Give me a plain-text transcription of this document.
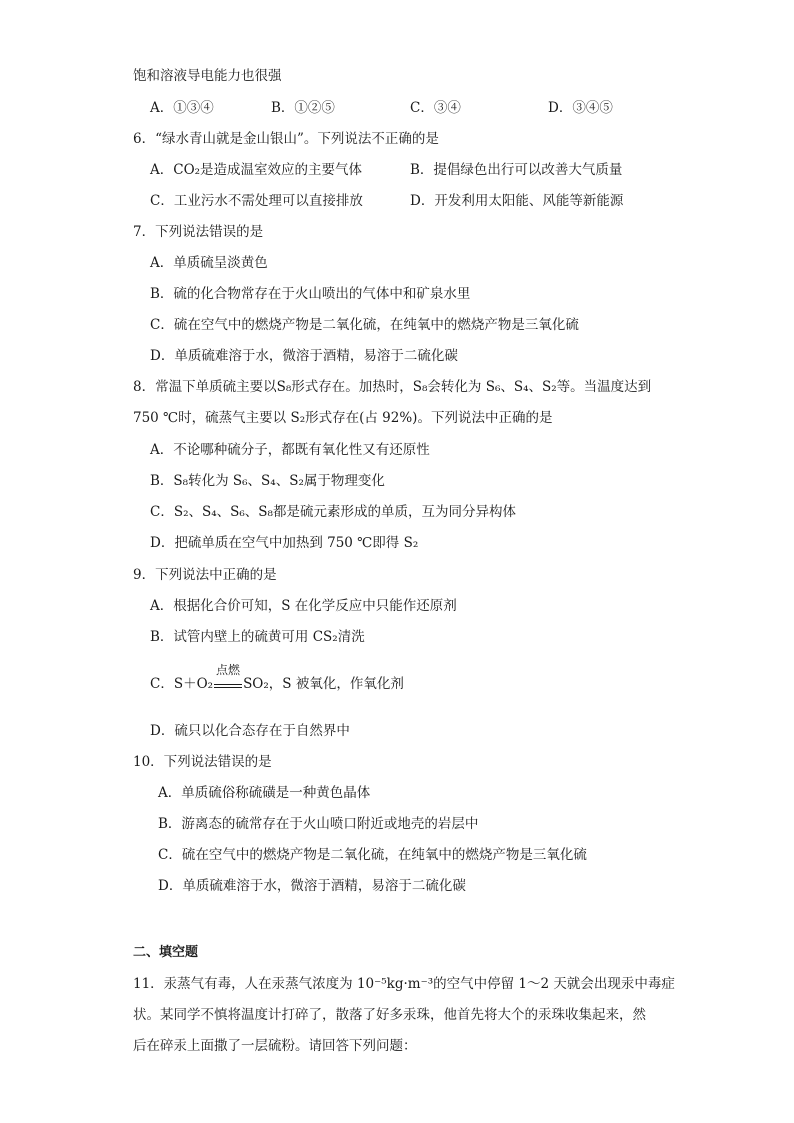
饱和溶液导电能力也很强
A．①③④	B．①②⑤	C．③④	D．③④⑤
6．“绿水青山就是金山银山”。下列说法不正确的是
A．CO₂是造成温室效应的主要气体	B．提倡绿色出行可以改善大气质量
C．工业污水不需处理可以直接排放	D．开发利用太阳能、风能等新能源
7．下列说法错误的是
A．单质硫呈淡黄色
B．硫的化合物常存在于火山喷出的气体中和矿泉水里
C．硫在空气中的燃烧产物是二氧化硫，在纯氧中的燃烧产物是三氧化硫
D．单质硫难溶于水，微溶于酒精，易溶于二硫化碳
8．常温下单质硫主要以S₈形式存在。加热时，S₈会转化为 S₆、S₄、S₂等。当温度达到
750 ℃时，硫蒸气主要以 S₂形式存在(占 92%)。下列说法中正确的是
A．不论哪种硫分子，都既有氧化性又有还原性
B．S₈转化为 S₆、S₄、S₂属于物理变化
C．S₂、S₄、S₆、S₈都是硫元素形成的单质，互为同分异构体
D．把硫单质在空气中加热到 750 ℃即得 S₂
9．下列说法中正确的是
A．根据化合价可知，S 在化学反应中只能作还原剂
B．试管内壁上的硫黄可用 CS₂清洗
C．S＋O₂
点燃
SO₂，S 被氧化，作氧化剂
D．硫只以化合态存在于自然界中
10．下列说法错误的是
A．单质硫俗称硫磺是一种黄色晶体
B．游离态的硫常存在于火山喷口附近或地壳的岩层中
C．硫在空气中的燃烧产物是二氧化硫，在纯氧中的燃烧产物是三氧化硫
D．单质硫难溶于水，微溶于酒精，易溶于二硫化碳
二、填空题
11．汞蒸气有毒，人在汞蒸气浓度为 10⁻⁵kg·m⁻³的空气中停留 1～2 天就会出现汞中毒症
状。某同学不慎将温度计打碎了，散落了好多汞珠，他首先将大个的汞珠收集起来，然
后在碎汞上面撒了一层硫粉。请回答下列问题：
